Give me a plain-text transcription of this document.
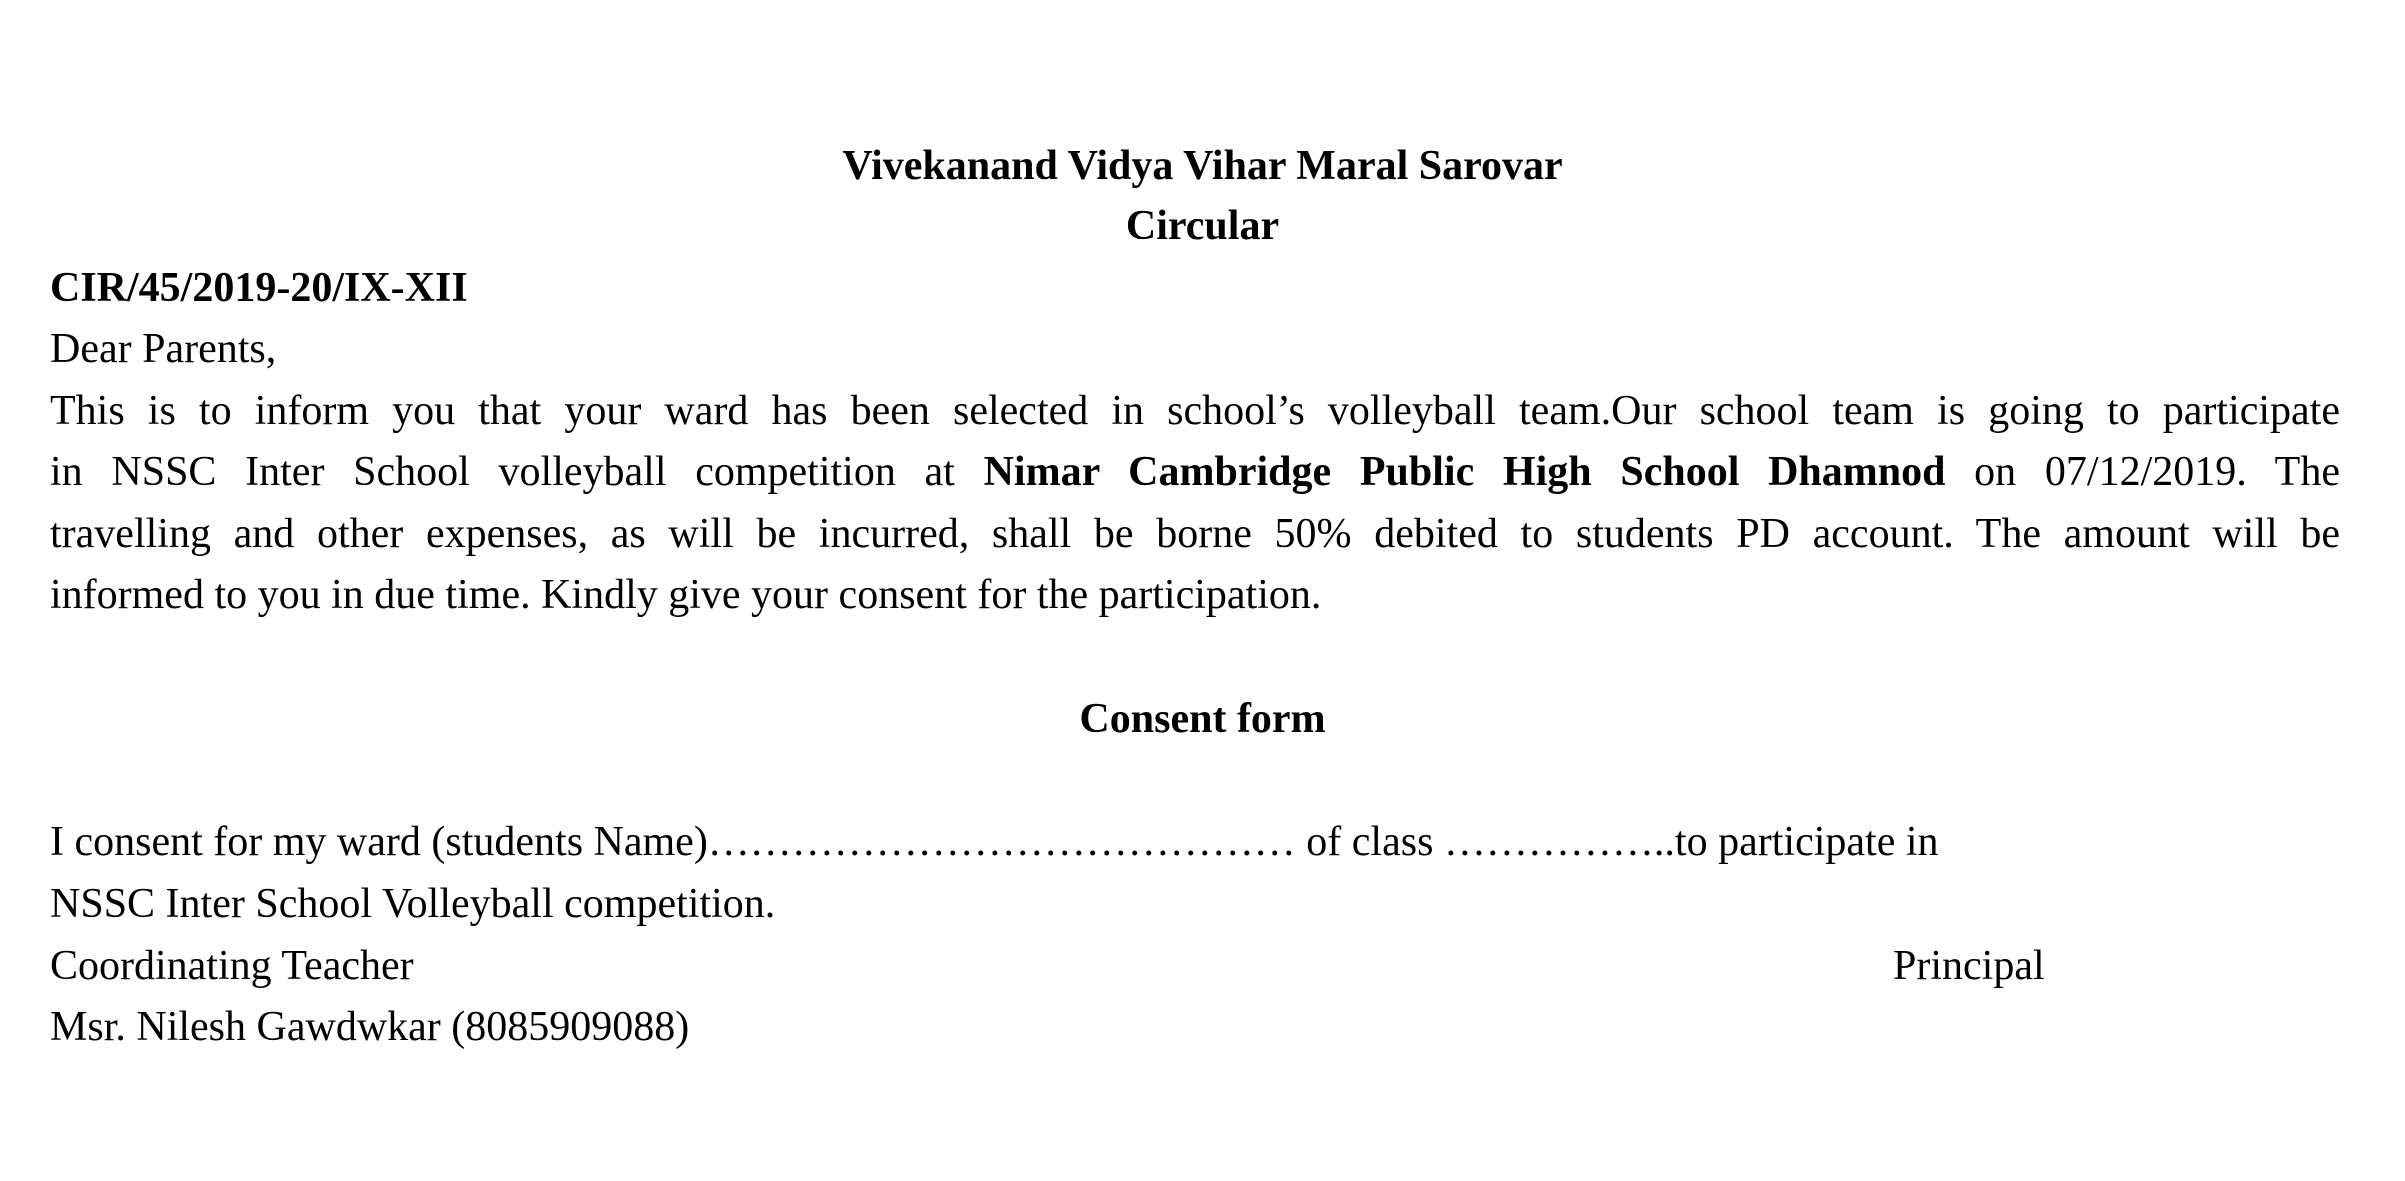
Vivekanand Vidya Vihar Maral Sarovar
Circular
CIR/45/2019-20/IX-XII
Dear Parents,
This is to inform you that your ward has been selected in school’s volleyball team.Our school team is going to participate
in NSSC Inter School volleyball competition at Nimar Cambridge Public High School Dhamnod on 07/12/2019. The
travelling and other expenses, as will be incurred, shall be borne 50% debited to students PD account. The amount will be
informed to you in due time. Kindly give your consent for the participation.
Consent form
I consent for my ward (students Name)…………………………………… of class ……………..to participate in
NSSC Inter School Volleyball competition.
Coordinating Teacher	Principal
Msr. Nilesh Gawdwkar (8085909088)
